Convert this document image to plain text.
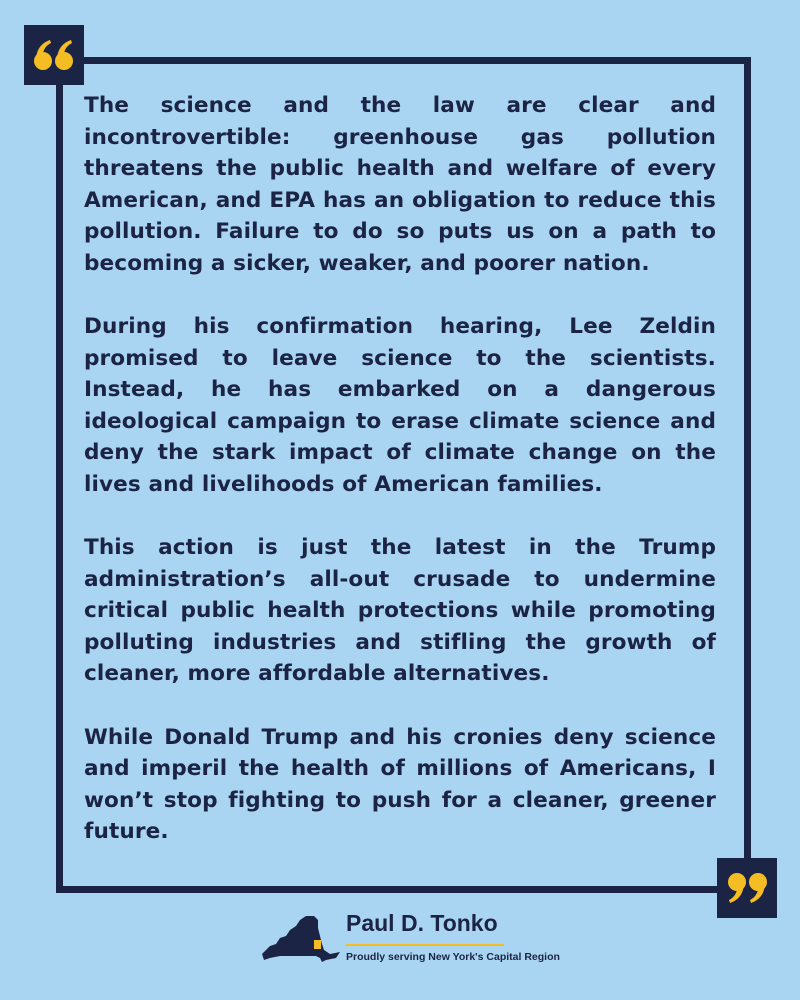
The science and the law are clear and incontrovertible: greenhouse gas pollution threatens the public health and welfare of every American, and EPA has an obligation to reduce this pollution. Failure to do so puts us on a path to becoming a sicker, weaker, and poorer nation.

During his confirmation hearing, Lee Zeldin promised to leave science to the scientists. Instead, he has embarked on a dangerous ideological campaign to erase climate science and deny the stark impact of climate change on the lives and livelihoods of American families.

This action is just the latest in the Trump administration’s all-out crusade to undermine critical public health protections while promoting polluting industries and stifling the growth of cleaner, more affordable alternatives.

While Donald Trump and his cronies deny science and imperil the health of millions of Americans, I won’t stop fighting to push for a cleaner, greener future.

Paul D. Tonko
Proudly serving New York's Capital Region
